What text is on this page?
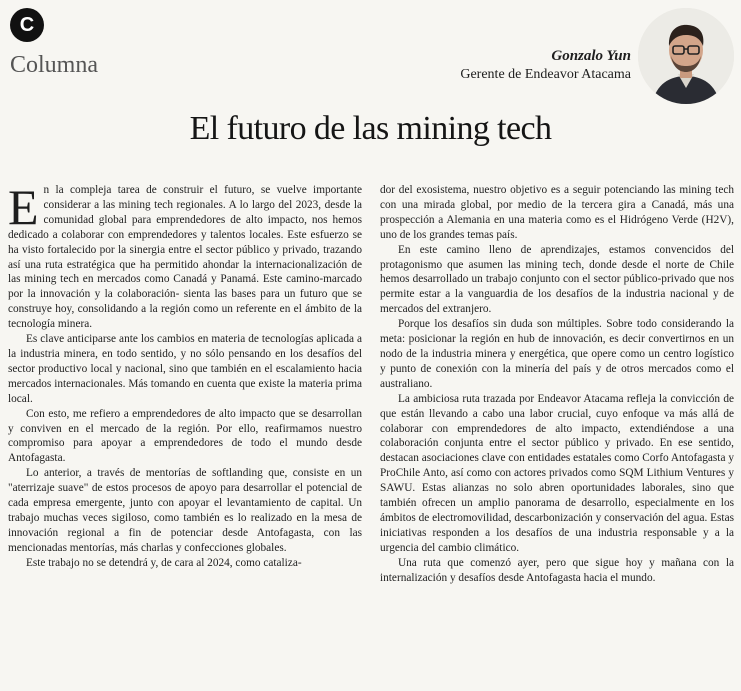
C
Columna	Gonzalo Yun
Gerente de Endeavor Atacama
El futuro de las mining tech

En la compleja tarea de construir el futuro, se vuelve importante considerar a las mining tech regionales. A lo largo del 2023, desde la comunidad global para emprendedores de alto impacto, nos hemos dedicado a colaborar con emprendedores y talentos locales. Este esfuerzo se ha visto fortalecido por la sinergia entre el sector público y privado, trazando así una ruta estratégica que ha permitido ahondar la internacionalización de las mining tech en mercados como Canadá y Panamá. Este camino-marcado por la innovación y la colaboración- sienta las bases para un futuro que se construye hoy, consolidando a la región como un referente en el ámbito de la tecnología minera.

Es clave anticiparse ante los cambios en materia de tecnologías aplicada a la industria minera, en todo sentido, y no sólo pensando en los desafíos del sector productivo local y nacional, sino que también en el escalamiento hacia mercados internacionales. Más tomando en cuenta que existe la materia prima local.

Con esto, me refiero a emprendedores de alto impacto que se desarrollan y conviven en el mercado de la región. Por ello, reafirmamos nuestro compromiso para apoyar a emprendedores de todo el mundo desde Antofagasta.

Lo anterior, a través de mentorías de softlanding que, consiste en un "aterrizaje suave" de estos procesos de apoyo para desarrollar el potencial de cada empresa emergente, junto con apoyar el levantamiento de capital. Un trabajo muchas veces sigiloso, como también es lo realizado en la mesa de innovación regional a fin de potenciar desde Antofagasta, con las mencionadas mentorías, más charlas y confecciones globales.

Este trabajo no se detendrá y, de cara al 2024, como cataliza-

dor del exosistema, nuestro objetivo es a seguir potenciando las mining tech con una mirada global, por medio de la tercera gira a Canadá, más una prospección a Alemania en una materia como es el Hidrógeno Verde (H2V), uno de los grandes temas país.

En este camino lleno de aprendizajes, estamos convencidos del protagonismo que asumen las mining tech, donde desde el norte de Chile hemos desarrollado un trabajo conjunto con el sector público-privado que nos permite estar a la vanguardia de los desafíos de la industria nacional y de mercados del extranjero.

Porque los desafíos sin duda son múltiples. Sobre todo considerando la meta: posicionar la región en hub de innovación, es decir convertirnos en un nodo de la industria minera y energética, que opere como un centro logístico y punto de conexión con la minería del país y de otros mercados como el australiano.

La ambiciosa ruta trazada por Endeavor Atacama refleja la convicción de que están llevando a cabo una labor crucial, cuyo enfoque va más allá de colaborar con emprendedores de alto impacto, extendiéndose a una colaboración conjunta entre el sector público y privado. En ese sentido, destacan asociaciones clave con entidades estatales como Corfo Antofagasta y ProChile Anto, así como con actores privados como SQM Lithium Ventures y SAWU. Estas alianzas no solo abren oportunidades laborales, sino que también ofrecen un amplio panorama de desarrollo, especialmente en los ámbitos de electromovilidad, descarbonización y conservación del agua. Estas iniciativas responden a los desafíos de una industria responsable y a la urgencia del cambio climático.

Una ruta que comenzó ayer, pero que sigue hoy y mañana con la internalización y desafíos desde Antofagasta hacia el mundo.
